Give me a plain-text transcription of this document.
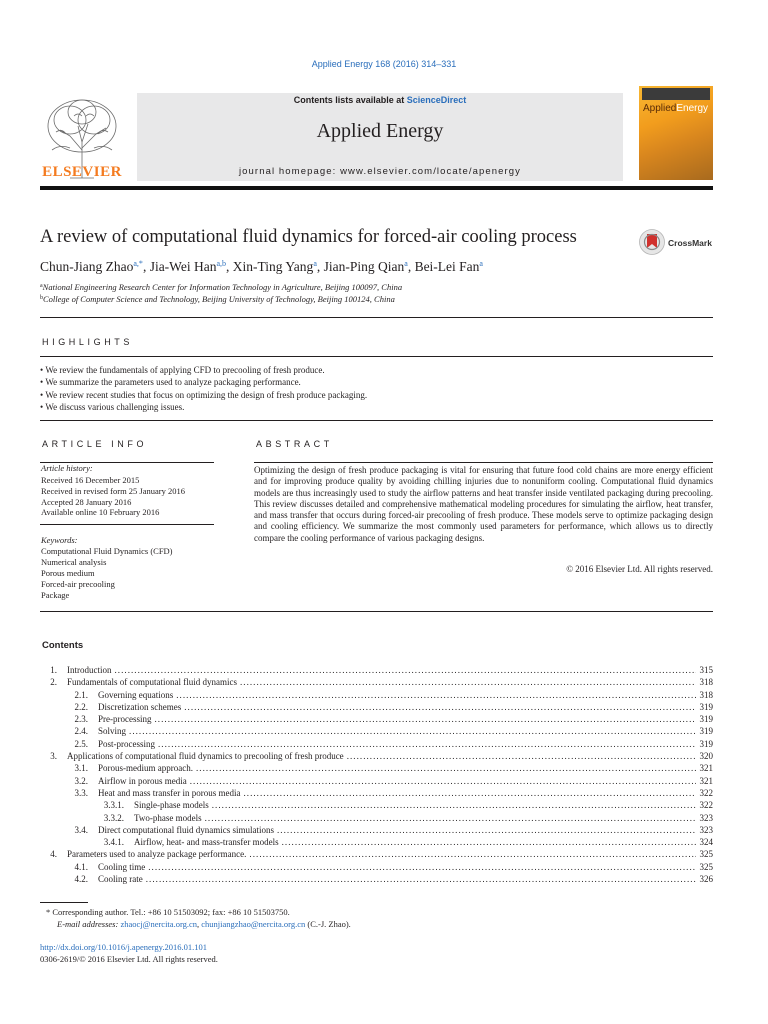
Applied Energy 168 (2016) 314–331
ELSEVIER
Contents lists available at ScienceDirect
Applied Energy
journal homepage: www.elsevier.com/locate/apenergy
AppliedEnergy
A review of computational fluid dynamics for forced-air cooling process	CrossMark
Chun-Jiang Zhao$^{a,*}$, Jia-Wei Han$^{a,b}$, Xin-Ting Yang$^a$, Jian-Ping Qian$^a$, Bei-Lei Fan$^a$
$^a$National Engineering Research Center for Information Technology in Agriculture, Beijing 100097, China
$^b$College of Computer Science and Technology, Beijing University of Technology, Beijing 100124, China
HIGHLIGHTS
• We review the fundamentals of applying CFD to precooling of fresh produce.
• We summarize the parameters used to analyze packaging performance.
• We review recent studies that focus on optimizing the design of fresh produce packaging.
• We discuss various challenging issues.
ARTICLE INFO	ABSTRACT
Article history:
Received 16 December 2015
Received in revised form 25 January 2016
Accepted 28 January 2016
Available online 10 February 2016
Keywords:
Computational Fluid Dynamics (CFD)
Numerical analysis
Porous medium
Forced-air precooling
Package

Optimizing the design of fresh produce packaging is vital for ensuring that future food cold chains are more energy efficient and for improving produce quality by avoiding chilling injuries due to nonuniform cooling. Computational fluid dynamics models are thus increasingly used to study the airflow patterns and heat transfer inside ventilated packaging during precooling. This review discusses detailed and comprehensive mathematical modeling procedures for simulating the airflow, heat transfer, and mass transfer that occurs during forced-air precooling of fresh produce. These models serve to optimize packaging design and cooling efficiency. We summarize the most commonly used parameters for performance, which allows us to directly compare the cooling performance of various packaging designs.

© 2016 Elsevier Ltd. All rights reserved.
Contents
1.	Introduction . . .	315
2.	Fundamentals of computational fluid dynamics . . .	318
2.1.	Governing equations . . .	318
2.2.	Discretization schemes . . .	319
2.3.	Pre-processing . . .	319
2.4.	Solving . . .	319
2.5.	Post-processing . . .	319
3.	Applications of computational fluid dynamics to precooling of fresh produce . . .	320
3.1.	Porous-medium approach. . . .	321
3.2.	Airflow in porous media . . .	321
3.3.	Heat and mass transfer in porous media . . .	322
3.3.1.	Single-phase models . . .	322
3.3.2.	Two-phase models . . .	323
3.4.	Direct computational fluid dynamics simulations . . .	323
3.4.1.	Airflow, heat- and mass-transfer models . . .	324
4.	Parameters used to analyze package performance. . . .	325
4.1.	Cooling time . . .	325
4.2.	Cooling rate . . .	326
* Corresponding author. Tel.: +86 10 51503092; fax: +86 10 51503750.
E-mail addresses: zhaocj@nercita.org.cn, chunjiangzhao@nercita.org.cn (C.-J. Zhao).
http://dx.doi.org/10.1016/j.apenergy.2016.01.101
0306-2619/© 2016 Elsevier Ltd. All rights reserved.
